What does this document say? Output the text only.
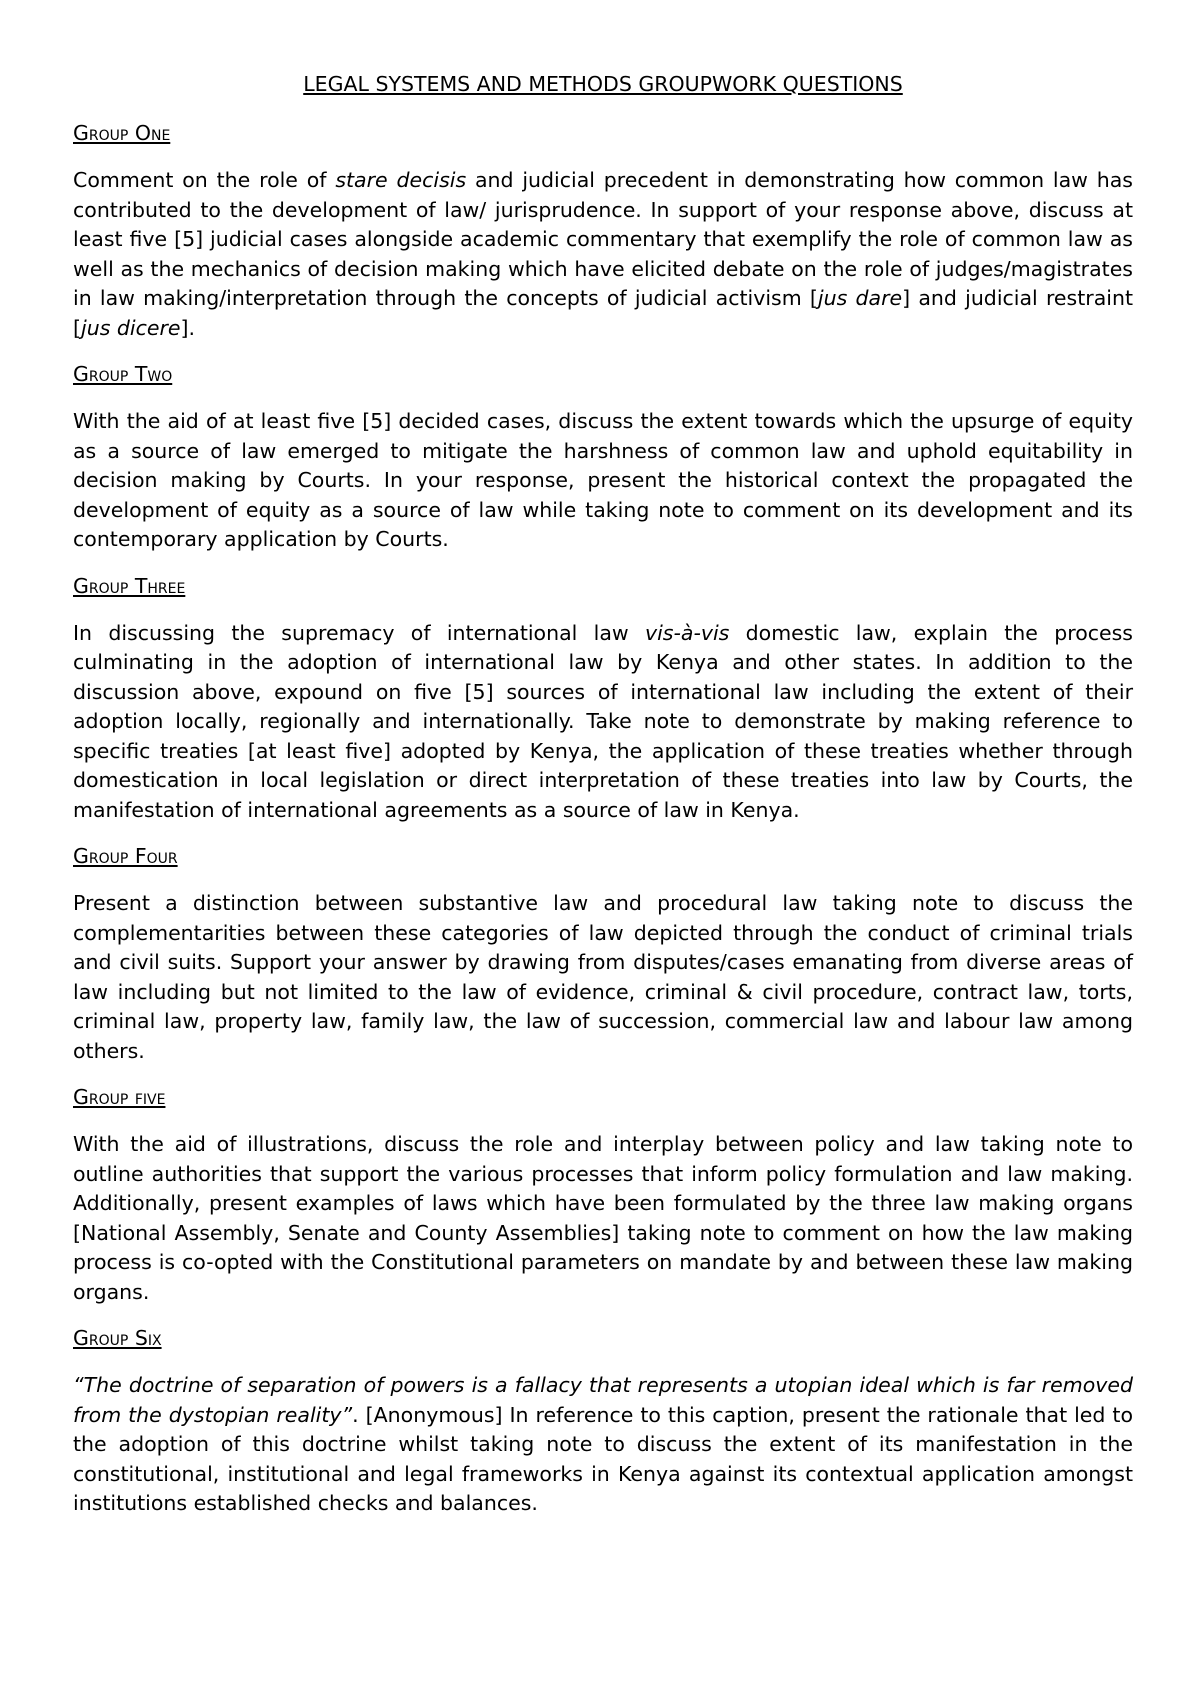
LEGAL SYSTEMS AND METHODS GROUPWORK QUESTIONS
Group One

Comment on the role of stare decisis and judicial precedent in demonstrating how common law has contributed to the development of law/ jurisprudence. In support of your response above, discuss at least five [5] judicial cases alongside academic commentary that exemplify the role of common law as well as the mechanics of decision making which have elicited debate on the role of judges/magistrates in law making/interpretation through the concepts of judicial activism [jus dare] and judicial restraint [jus dicere].

Group Two

With the aid of at least five [5] decided cases, discuss the extent towards which the upsurge of equity as a source of law emerged to mitigate the harshness of common law and uphold equitability in decision making by Courts. In your response, present the historical context the propagated the development of equity as a source of law while taking note to comment on its development and its contemporary application by Courts.

Group Three

In discussing the supremacy of international law vis-à-vis domestic law, explain the process culminating in the adoption of international law by Kenya and other states. In addition to the discussion above, expound on five [5] sources of international law including the extent of their adoption locally, regionally and internationally. Take note to demonstrate by making reference to specific treaties [at least five] adopted by Kenya, the application of these treaties whether through domestication in local legislation or direct interpretation of these treaties into law by Courts, the manifestation of international agreements as a source of law in Kenya.

Group Four

Present a distinction between substantive law and procedural law taking note to discuss the complementarities between these categories of law depicted through the conduct of criminal trials and civil suits. Support your answer by drawing from disputes/cases emanating from diverse areas of law including but not limited to the law of evidence, criminal & civil procedure, contract law, torts, criminal law, property law, family law, the law of succession, commercial law and labour law among others.

Group five

With the aid of illustrations, discuss the role and interplay between policy and law taking note to outline authorities that support the various processes that inform policy formulation and law making. Additionally, present examples of laws which have been formulated by the three law making organs [National Assembly, Senate and County Assemblies] taking note to comment on how the law making process is co-opted with the Constitutional parameters on mandate by and between these law making organs.

Group Six

“The doctrine of separation of powers is a fallacy that represents a utopian ideal which is far removed from the dystopian reality”. [Anonymous] In reference to this caption, present the rationale that led to the adoption of this doctrine whilst taking note to discuss the extent of its manifestation in the constitutional, institutional and legal frameworks in Kenya against its contextual application amongst institutions established checks and balances.
